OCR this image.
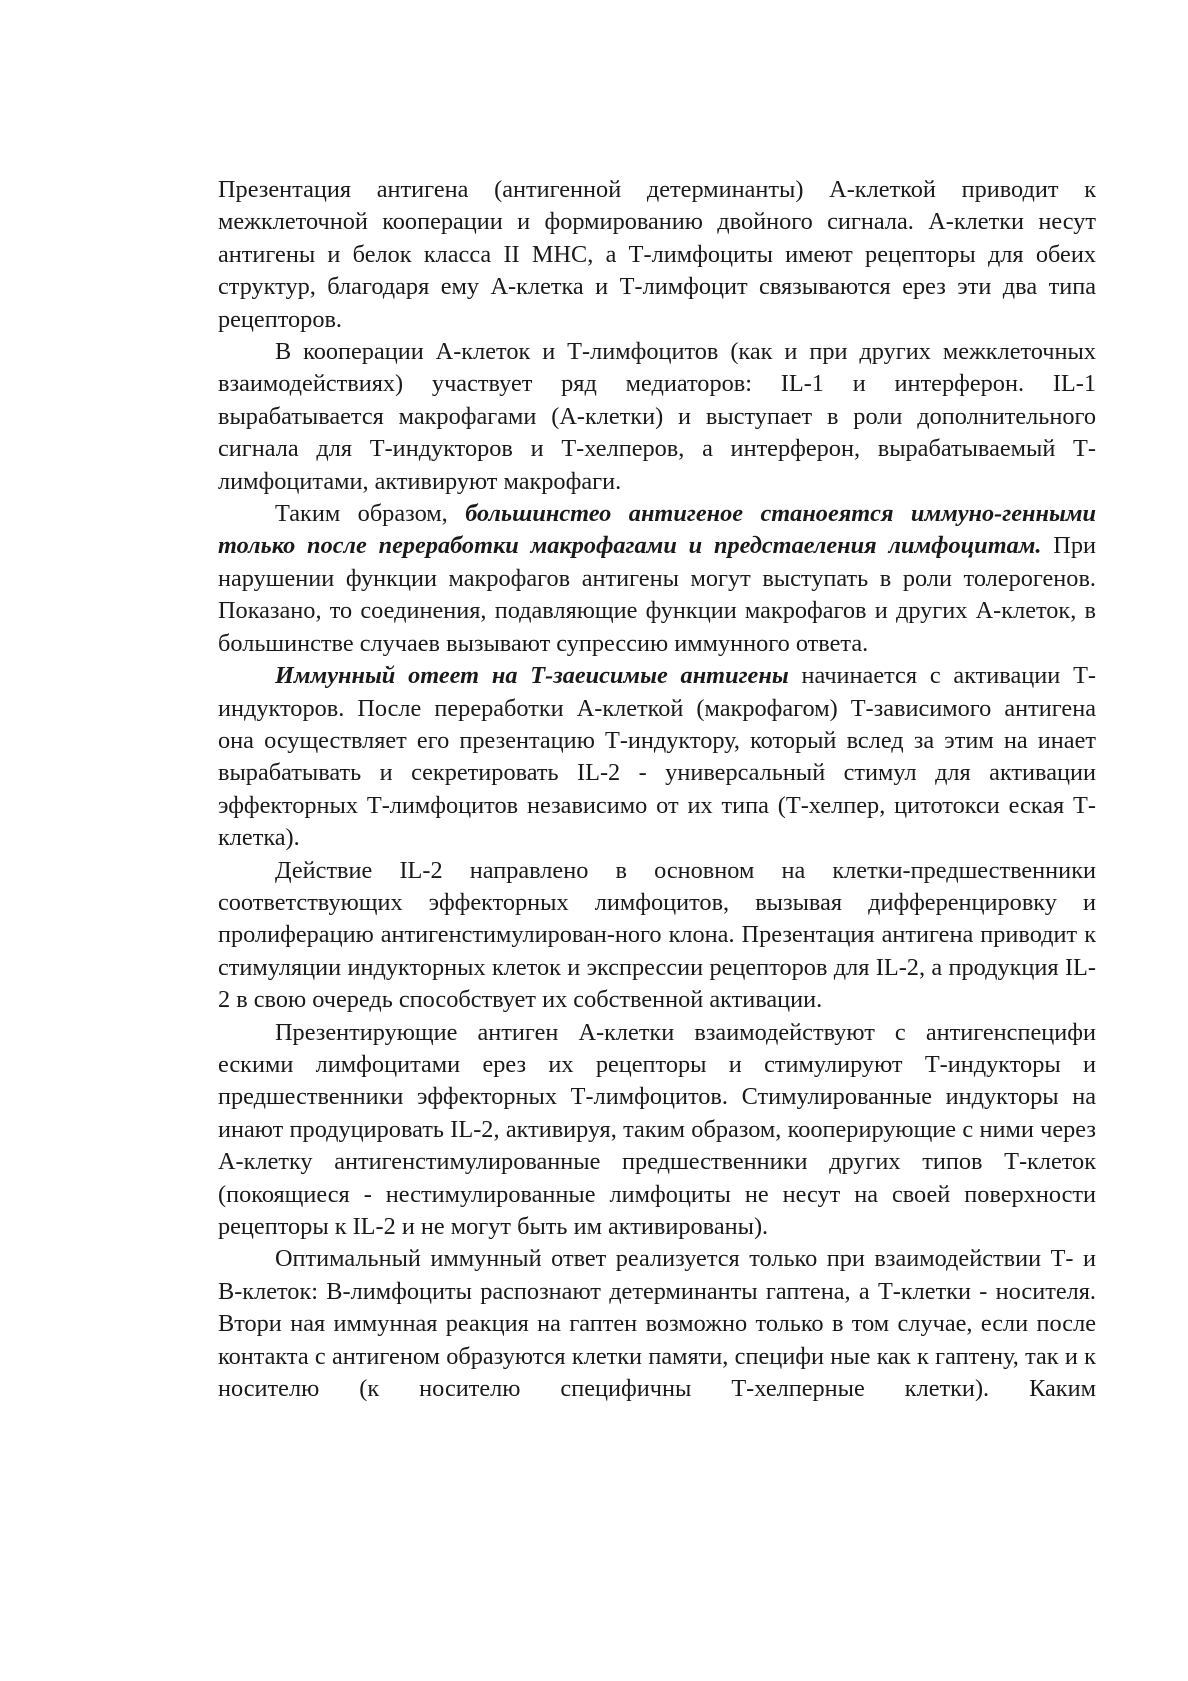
Презентация антигена (антигенной детерминанты) А-клеткой приводит к межклеточной кооперации и формированию двойного сигнала. А-клетки несут антигены и белок класса II МНС, а Т-лимфоциты имеют рецепторы для обеих структур, благодаря ему А-клетка и Т-лимфоцит связываются ерез эти два типа рецепторов.

В кооперации А-клеток и Т-лимфоцитов (как и при других межклеточных взаимодействиях) участвует ряд медиаторов: IL-1 и интерферон. IL-1 вырабатывается макрофагами (А-клетки) и выступает в роли дополнительного сигнала для Т-индукторов и Т-хелперов, а интерферон, вырабатываемый Т-лимфоцитами, активируют макрофаги.

Таким образом, большинстео антигеное станоеятся иммуно-генными только после переработки макрофагами и предстаеления лимфоцитам. При нарушении функции макрофагов антигены могут выступать в роли толерогенов. Показано, то соединения, подавляющие функции макрофагов и других А-клеток, в большинстве случаев вызывают супрессию иммунного ответа.

Иммунный отеет на Т-заеисимые антигены начинается с активации Т-индукторов. После переработки А-клеткой (макрофагом) Т-зависимого антигена она осуществляет его презентацию Т-индуктору, который вслед за этим на инает вырабатывать и секретировать IL-2 - универсальный стимул для активации эффекторных Т-лимфоцитов независимо от их типа (Т-хелпер, цитотокси еская Т-клетка).

Действие IL-2 направлено в основном на клетки-предшественники соответствующих эффекторных лимфоцитов, вызывая дифференцировку и пролиферацию антигенстимулирован-ного клона. Презентация антигена приводит к стимуляции индукторных клеток и экспрессии рецепторов для IL-2, а продукция IL-2 в свою очередь способствует их собственной активации.

Презентирующие антиген А-клетки взаимодействуют с антигенспецифи ескими лимфоцитами ерез их рецепторы и стимулируют Т-индукторы и предшественники эффекторных Т-лимфоцитов. Стимулированные индукторы на инают продуцировать IL-2, активируя, таким образом, кооперирующие с ними через А-клетку антигенстимулированные предшественники других типов Т-клеток (покоящиеся - нестимулированные лимфоциты не несут на своей поверхности рецепторы к IL-2 и не могут быть им активированы).

Оптимальный иммунный ответ реализуется только при взаимодействии Т- и В-клеток: В-лимфоциты распознают детерминанты гаптена, а Т-клетки - носителя. Втори ная иммунная реакция на гаптен возможно только в том случае, если после контакта с антигеном образуются клетки памяти, специфи ные как к гаптену, так и к носителю (к носителю специфичны Т-хелперные клетки). Каким
